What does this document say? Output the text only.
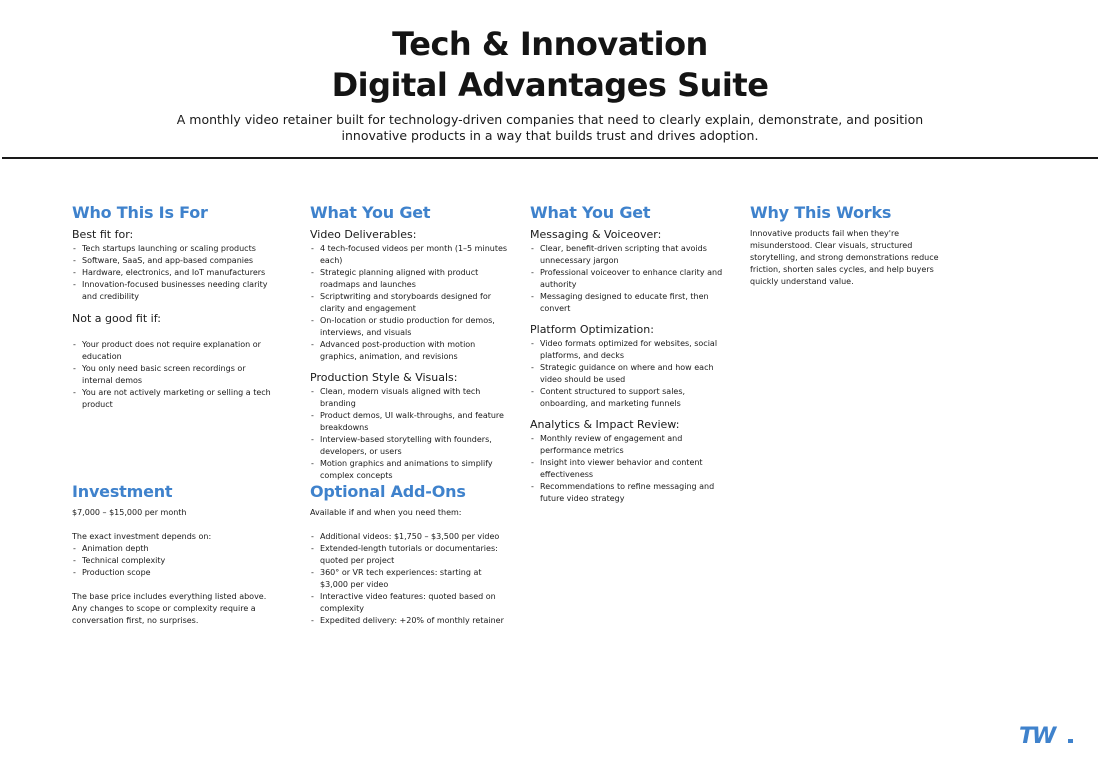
Tech & Innovation
Digital Advantages Suite

A monthly video retainer built for technology-driven companies that need to clearly explain, demonstrate, and position innovative products in a way that builds trust and drives adoption.

Who This Is For
Best fit for:
- Tech startups launching or scaling products
- Software, SaaS, and app-based companies
- Hardware, electronics, and IoT manufacturers
- Innovation-focused businesses needing clarity and credibility
Not a good fit if:
- Your product does not require explanation or education
- You only need basic screen recordings or internal demos
- You are not actively marketing or selling a tech product
What You Get
Video Deliverables:
- 4 tech-focused videos per month (1–5 minutes each)
- Strategic planning aligned with product roadmaps and launches
- Scriptwriting and storyboards designed for clarity and engagement
- On-location or studio production for demos, interviews, and visuals
- Advanced post-production with motion graphics, animation, and revisions
Production Style & Visuals:
- Clean, modern visuals aligned with tech branding
- Product demos, UI walk-throughs, and feature breakdowns
- Interview-based storytelling with founders, developers, or users
- Motion graphics and animations to simplify complex concepts
What You Get
Messaging & Voiceover:
- Clear, benefit-driven scripting that avoids unnecessary jargon
- Professional voiceover to enhance clarity and authority
- Messaging designed to educate first, then convert
Platform Optimization:
- Video formats optimized for websites, social platforms, and decks
- Strategic guidance on where and how each video should be used
- Content structured to support sales, onboarding, and marketing funnels
Analytics & Impact Review:
- Monthly review of engagement and performance metrics
- Insight into viewer behavior and content effectiveness
- Recommendations to refine messaging and future video strategy
Why This Works

Innovative products fail when they're misunderstood. Clear visuals, structured storytelling, and strong demonstrations reduce friction, shorten sales cycles, and help buyers quickly understand value.

Investment

$7,000 – $15,000 per month

The exact investment depends on:

- Animation depth
- Technical complexity
- Production scope

The base price includes everything listed above. Any changes to scope or complexity require a conversation first, no surprises.

Optional Add-Ons

Available if and when you need them:

- Additional videos: $1,750 – $3,500 per video
- Extended-length tutorials or documentaries: quoted per project
- 360° or VR tech experiences: starting at $3,000 per video
- Interactive video features: quoted based on complexity
- Expedited delivery: +20% of monthly retainer
TW
